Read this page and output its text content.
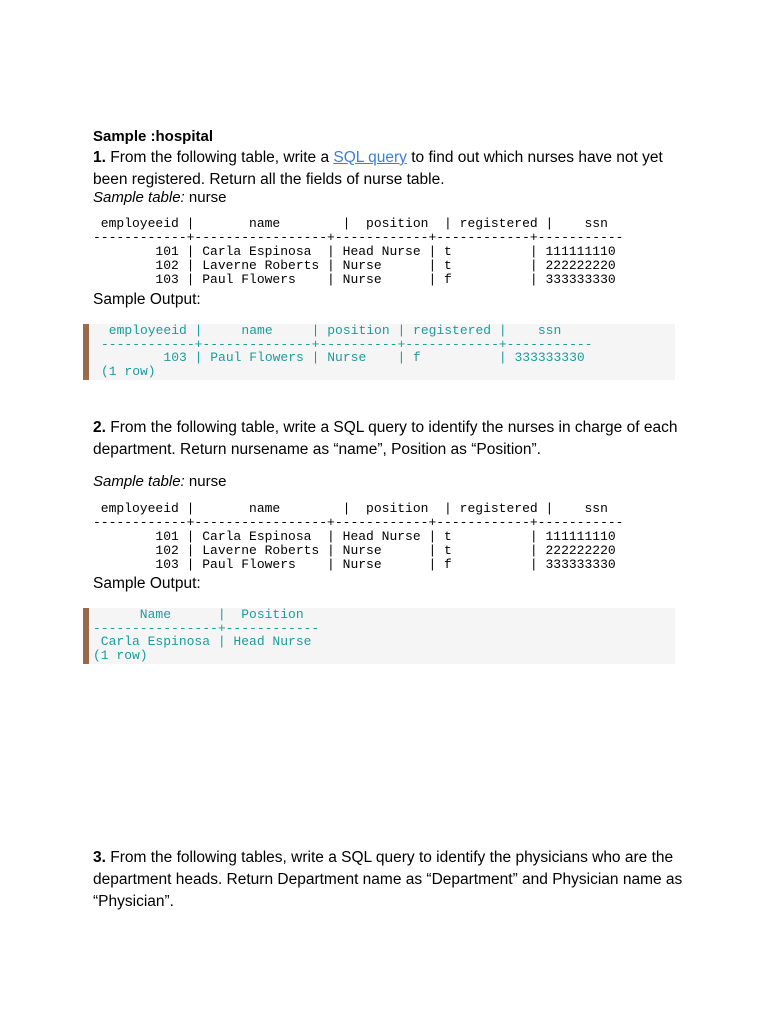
Sample :hospital

1. From the following table, write a SQL query to find out which nurses have not yet been registered. Return all the fields of nurse table.

Sample table: nurse

employeeid |       name        |  position  | registered |    ssn
------------+-----------------+------------+------------+-----------
101 | Carla Espinosa  | Head Nurse | t          | 111111110
102 | Laverne Roberts | Nurse      | t          | 222222220
103 | Paul Flowers    | Nurse      | f          | 333333330

Sample Output:

employeeid |     name     | position | registered |    ssn
------------+--------------+----------+------------+-----------
103 | Paul Flowers | Nurse    | f          | 333333330
(1 row)

2. From the following table, write a SQL query to identify the nurses in charge of each department. Return nursename as “name”, Position as “Position”.

Sample table: nurse

employeeid |       name        |  position  | registered |    ssn
------------+-----------------+------------+------------+-----------
101 | Carla Espinosa  | Head Nurse | t          | 111111110
102 | Laverne Roberts | Nurse      | t          | 222222220
103 | Paul Flowers    | Nurse      | f          | 333333330

Sample Output:

Name      |  Position
----------------+------------
Carla Espinosa | Head Nurse
(1 row)

3. From the following tables, write a SQL query to identify the physicians who are the department heads. Return Department name as “Department” and Physician name as “Physician”.
